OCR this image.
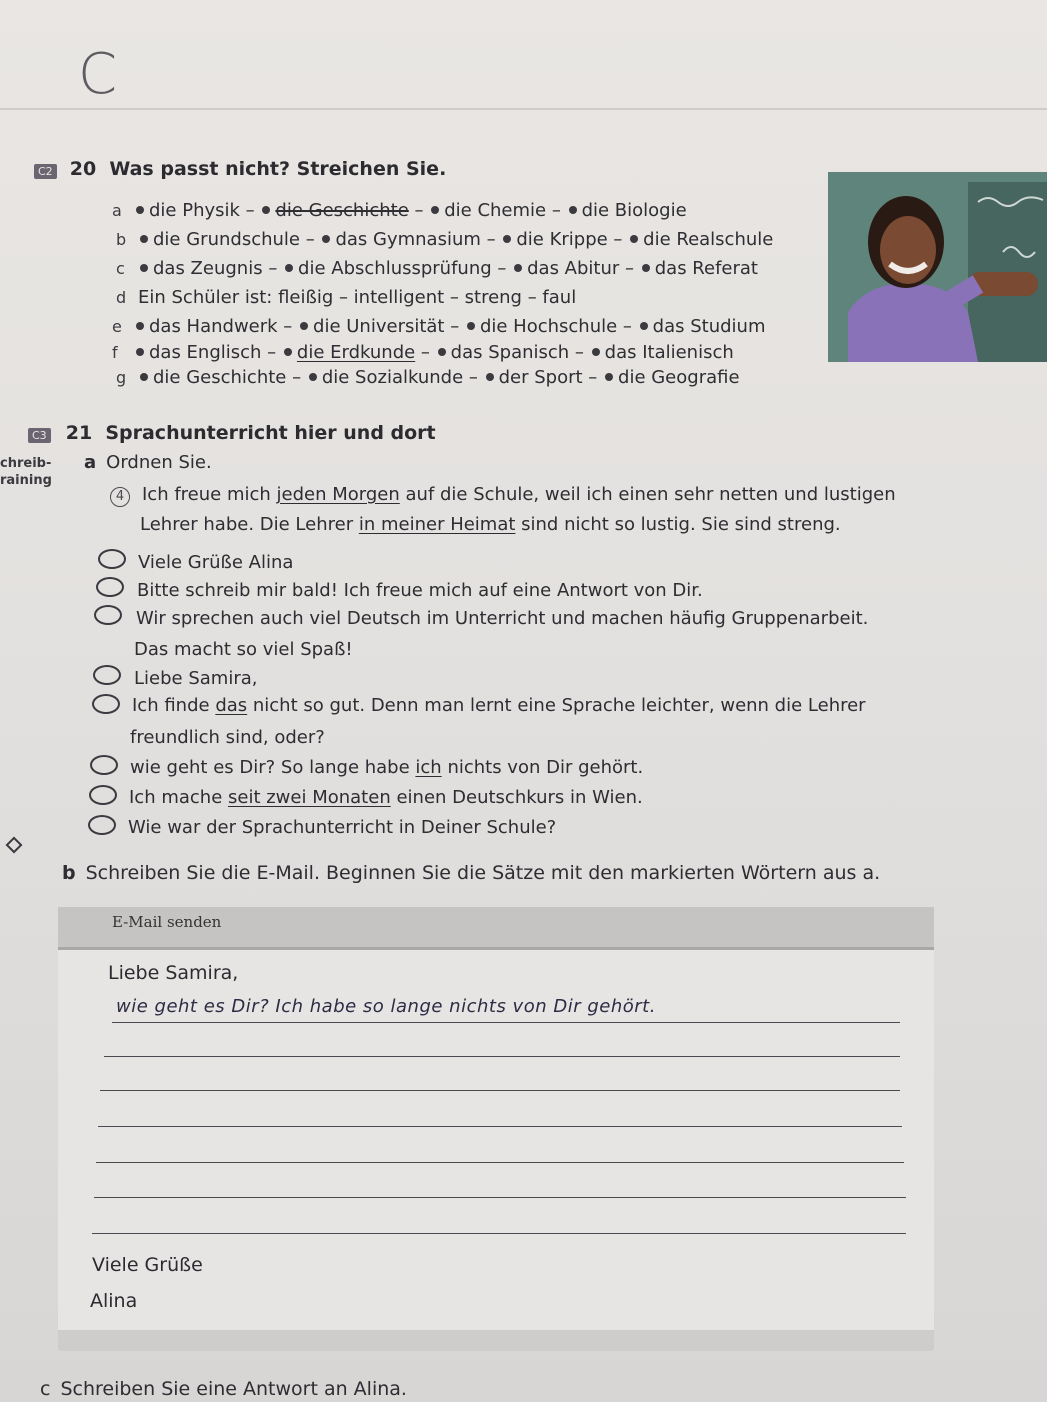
C
C2 20 Was passt nicht? Streichen Sie.
a die Physik – die Geschichte – die Chemie – die Biologie
b die Grundschule – das Gymnasium – die Krippe – die Realschule
c das Zeugnis – die Abschlussprüfung – das Abitur – das Referat
d Ein Schüler ist: fleißig – intelligent – streng – faul
e das Handwerk – die Universität – die Hochschule – das Studium
f das Englisch – die Erdkunde – das Spanisch – das Italienisch
g die Geschichte – die Sozialkunde – der Sport – die Geografie
C3 21 Sprachunterricht hier und dort
chreib-
raining
a Ordnen Sie.
4 Ich freue mich jeden Morgen auf die Schule, weil ich einen sehr netten und lustigen
Lehrer habe. Die Lehrer in meiner Heimat sind nicht so lustig. Sie sind streng.
Viele Grüße Alina
Bitte schreib mir bald! Ich freue mich auf eine Antwort von Dir.
Wir sprechen auch viel Deutsch im Unterricht und machen häufig Gruppenarbeit.
Das macht so viel Spaß!
Liebe Samira,
Ich finde das nicht so gut. Denn man lernt eine Sprache leichter, wenn die Lehrer
freundlich sind, oder?
wie geht es Dir? So lange habe ich nichts von Dir gehört.
Ich mache seit zwei Monaten einen Deutschkurs in Wien.
Wie war der Sprachunterricht in Deiner Schule?
b Schreiben Sie die E-Mail. Beginnen Sie die Sätze mit den markierten Wörtern aus a.
E-Mail senden
Liebe Samira,
wie geht es Dir? Ich habe so lange nichts von Dir gehört.
Viele Grüße
Alina
c Schreiben Sie eine Antwort an Alina.
